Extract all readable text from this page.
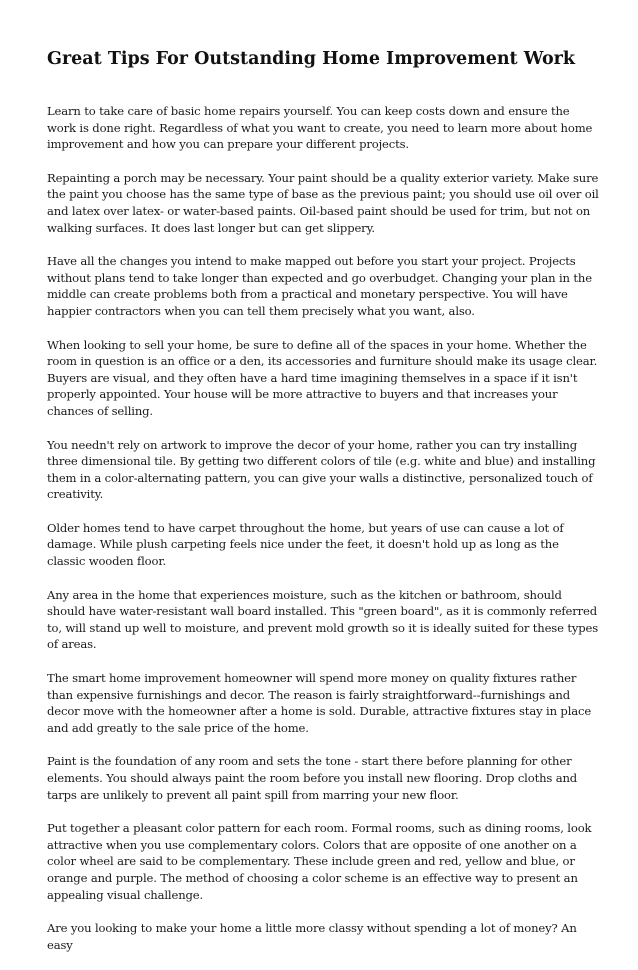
Great Tips For Outstanding Home Improvement Work

Learn to take care of basic home repairs yourself. You can keep costs down and ensure the work is done right. Regardless of what you want to create, you need to learn more about home improvement and how you can prepare your different projects.

Repainting a porch may be necessary. Your paint should be a quality exterior variety. Make sure the paint you choose has the same type of base as the previous paint; you should use oil over oil and latex over latex- or water-based paints. Oil-based paint should be used for trim, but not on walking surfaces. It does last longer but can get slippery.

Have all the changes you intend to make mapped out before you start your project. Projects without plans tend to take longer than expected and go overbudget. Changing your plan in the middle can create problems both from a practical and monetary perspective. You will have happier contractors when you can tell them precisely what you want, also.

When looking to sell your home, be sure to define all of the spaces in your home. Whether the room in question is an office or a den, its accessories and furniture should make its usage clear. Buyers are visual, and they often have a hard time imagining themselves in a space if it isn't properly appointed. Your house will be more attractive to buyers and that increases your chances of selling.

You needn't rely on artwork to improve the decor of your home, rather you can try installing three dimensional tile. By getting two different colors of tile (e.g. white and blue) and installing them in a color-alternating pattern, you can give your walls a distinctive, personalized touch of creativity.

Older homes tend to have carpet throughout the home, but years of use can cause a lot of damage. While plush carpeting feels nice under the feet, it doesn't hold up as long as the classic wooden floor.

Any area in the home that experiences moisture, such as the kitchen or bathroom, should should have water-resistant wall board installed. This "green board", as it is commonly referred to, will stand up well to moisture, and prevent mold growth so it is ideally suited for these types of areas.

The smart home improvement homeowner will spend more money on quality fixtures rather than expensive furnishings and decor. The reason is fairly straightforward--furnishings and decor move with the homeowner after a home is sold. Durable, attractive fixtures stay in place and add greatly to the sale price of the home.

Paint is the foundation of any room and sets the tone - start there before planning for other elements. You should always paint the room before you install new flooring. Drop cloths and tarps are unlikely to prevent all paint spill from marring your new floor.

Put together a pleasant color pattern for each room. Formal rooms, such as dining rooms, look attractive when you use complementary colors. Colors that are opposite of one another on a color wheel are said to be complementary. These include green and red, yellow and blue, or orange and purple. The method of choosing a color scheme is an effective way to present an appealing visual challenge.

Are you looking to make your home a little more classy without spending a lot of money? An easy
